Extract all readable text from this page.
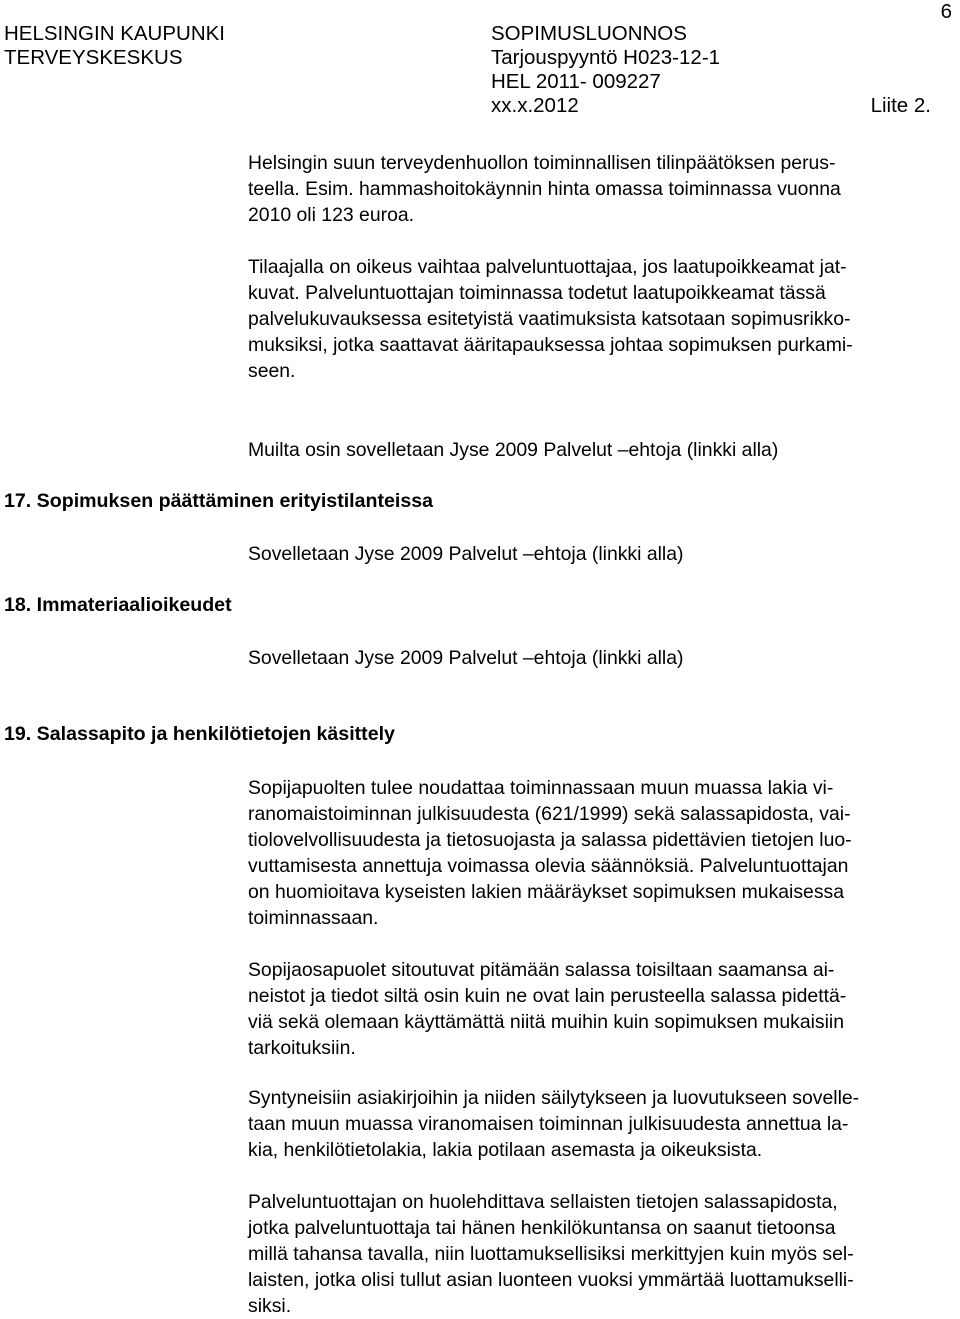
6
HELSINGIN KAUPUNKI
TERVEYSKESKUS
SOPIMUSLUONNOS
Tarjouspyyntö H023-12-1
HEL 2011- 009227
xx.x.2012	Liite 2.
Helsingin suun terveydenhuollon toiminnallisen tilinpäätöksen perus-
teella. Esim. hammashoitokäynnin hinta omassa toiminnassa vuonna
2010 oli 123 euroa.
Tilaajalla on oikeus vaihtaa palveluntuottajaa, jos laatupoikkeamat jat-
kuvat. Palveluntuottajan toiminnassa todetut laatupoikkeamat tässä
palvelukuvauksessa esitetyistä vaatimuksista katsotaan sopimusrikko-
muksiksi, jotka saattavat ääritapauksessa johtaa sopimuksen purkami-
seen.
Muilta osin sovelletaan Jyse 2009 Palvelut –ehtoja (linkki alla)
17. Sopimuksen päättäminen erityistilanteissa
Sovelletaan Jyse 2009 Palvelut –ehtoja (linkki alla)
18. Immateriaalioikeudet
Sovelletaan Jyse 2009 Palvelut –ehtoja (linkki alla)
19. Salassapito ja henkilötietojen käsittely
Sopijapuolten tulee noudattaa toiminnassaan muun muassa lakia vi-
ranomaistoiminnan julkisuudesta (621/1999) sekä salassapidosta, vai-
tiolovelvollisuudesta ja tietosuojasta ja salassa pidettävien tietojen luo-
vuttamisesta annettuja voimassa olevia säännöksiä. Palveluntuottajan
on huomioitava kyseisten lakien määräykset sopimuksen mukaisessa
toiminnassaan.
Sopijaosapuolet sitoutuvat pitämään salassa toisiltaan saamansa ai-
neistot ja tiedot siltä osin kuin ne ovat lain perusteella salassa pidettä-
viä sekä olemaan käyttämättä niitä muihin kuin sopimuksen mukaisiin
tarkoituksiin.
Syntyneisiin asiakirjoihin ja niiden säilytykseen ja luovutukseen sovelle-
taan muun muassa viranomaisen toiminnan julkisuudesta annettua la-
kia, henkilötietolakia, lakia potilaan asemasta ja oikeuksista.
Palveluntuottajan on huolehdittava sellaisten tietojen salassapidosta,
jotka palveluntuottaja tai hänen henkilökuntansa on saanut tietoonsa
millä tahansa tavalla, niin luottamuksellisiksi merkittyjen kuin myös sel-
laisten, jotka olisi tullut asian luonteen vuoksi ymmärtää luottamukselli-
siksi.
